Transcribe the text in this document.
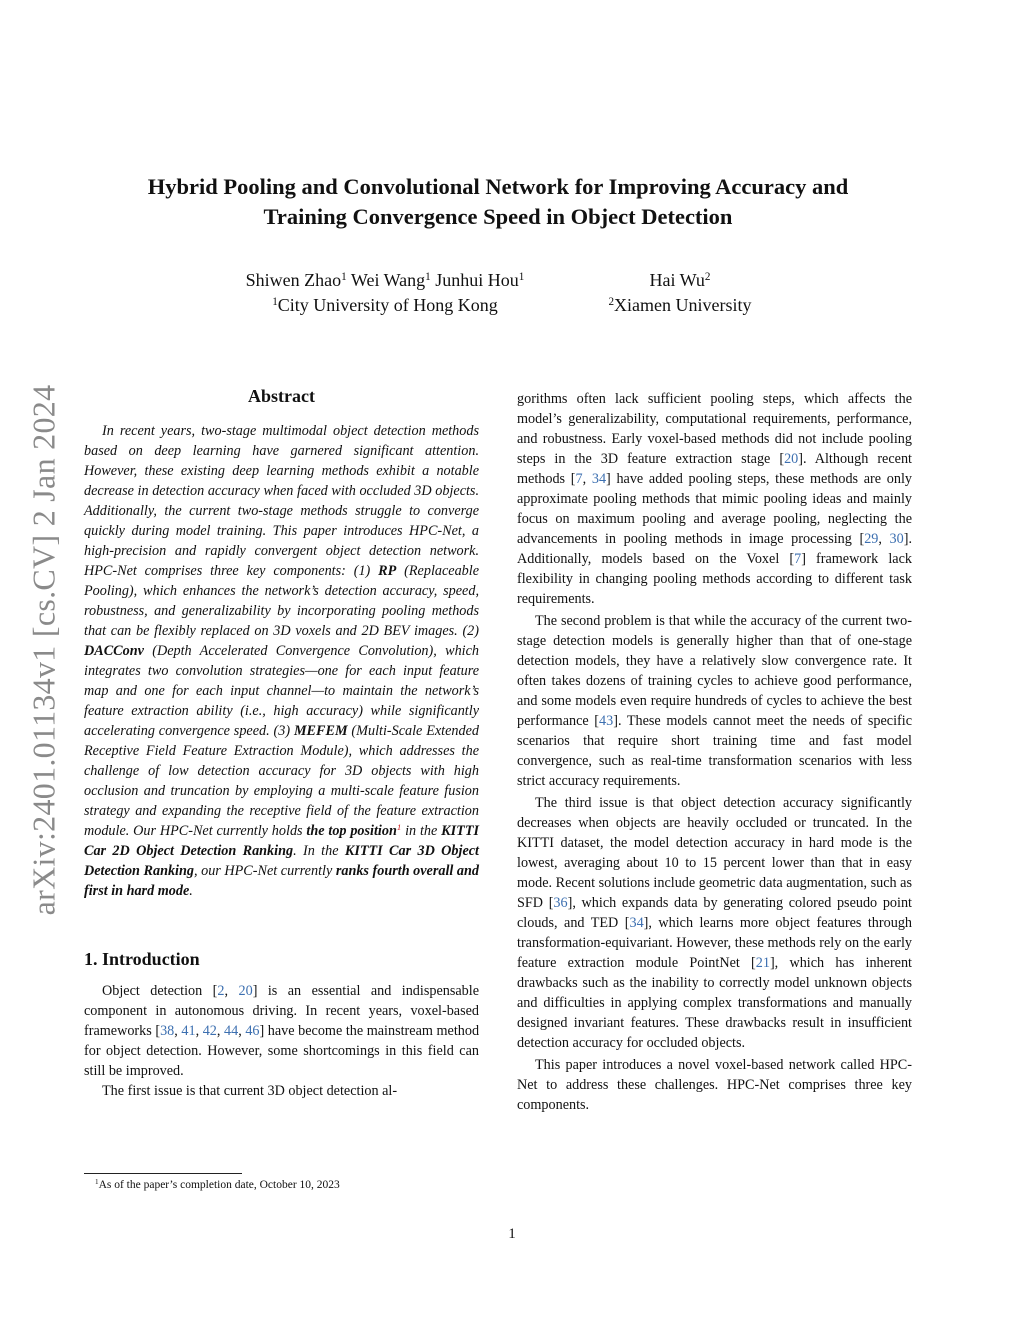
arXiv:2401.01134v1 [cs.CV] 2 Jan 2024
Hybrid Pooling and Convolutional Network for Improving Accuracy and
Training Convergence Speed in Object Detection
Shiwen Zhao$^1$ Wei Wang$^1$ Junhui Hou$^1$
$^1$City University of Hong Kong
Hai Wu$^2$
$^2$Xiamen University
Abstract

In recent years, two-stage multimodal object detection methods based on deep learning have garnered significant attention. However, these existing deep learning methods exhibit a notable decrease in detection accuracy when faced with occluded 3D objects. Additionally, the current two-stage methods struggle to converge quickly during model training. This paper introduces HPC-Net, a high-precision and rapidly convergent object detection network. HPC-Net comprises three key components: (1) RP (Replaceable Pooling), which enhances the network’s detection accuracy, speed, robustness, and generalizability by incorporating pooling methods that can be flexibly replaced on 3D voxels and 2D BEV images. (2) DACConv (Depth Accelerated Convergence Convolution), which integrates two convolution strategies—one for each input feature map and one for each input channel—to maintain the network’s feature extraction ability (i.e., high accuracy) while significantly accelerating convergence speed. (3) MEFEM (Multi-Scale Extended Receptive Field Feature Extraction Module), which addresses the challenge of low detection accuracy for 3D objects with high occlusion and truncation by employing a multi-scale feature fusion strategy and expanding the receptive field of the feature extraction module. Our HPC-Net currently holds the top position$^1$ in the KITTI Car 2D Object Detection Ranking. In the KITTI Car 3D Object Detection Ranking, our HPC-Net currently ranks fourth overall and first in hard mode.

1. Introduction

Object detection [2, 20] is an essential and indispensable component in autonomous driving. In recent years, voxel-based frameworks [38, 41, 42, 44, 46] have become the mainstream method for object detection. However, some shortcomings in this field can still be improved.

The first issue is that current 3D object detection al-

gorithms often lack sufficient pooling steps, which affects the model’s generalizability, computational requirements, performance, and robustness. Early voxel-based methods did not include pooling steps in the 3D feature extraction stage [20]. Although recent methods [7, 34] have added pooling steps, these methods are only approximate pooling methods that mimic pooling ideas and mainly focus on maximum pooling and average pooling, neglecting the advancements in pooling methods in image processing [29, 30]. Additionally, models based on the Voxel [7] framework lack flexibility in changing pooling methods according to different task requirements.

The second problem is that while the accuracy of the current two-stage detection models is generally higher than that of one-stage detection models, they have a relatively slow convergence rate. It often takes dozens of training cycles to achieve good performance, and some models even require hundreds of cycles to achieve the best performance [43]. These models cannot meet the needs of specific scenarios that require short training time and fast model convergence, such as real-time transformation scenarios with less strict accuracy requirements.

The third issue is that object detection accuracy significantly decreases when objects are heavily occluded or truncated. In the KITTI dataset, the model detection accuracy in hard mode is the lowest, averaging about 10 to 15 percent lower than that in easy mode. Recent solutions include geometric data augmentation, such as SFD [36], which expands data by generating colored pseudo point clouds, and TED [34], which learns more object features through transformation-equivariant. However, these methods rely on the early feature extraction module PointNet [21], which has inherent drawbacks such as the inability to correctly model unknown objects and difficulties in applying complex transformations and manually designed invariant features. These drawbacks result in insufficient detection accuracy for occluded objects.

This paper introduces a novel voxel-based network called HPC-Net to address these challenges. HPC-Net comprises three key components.

$^1$As of the paper’s completion date, October 10, 2023
1
